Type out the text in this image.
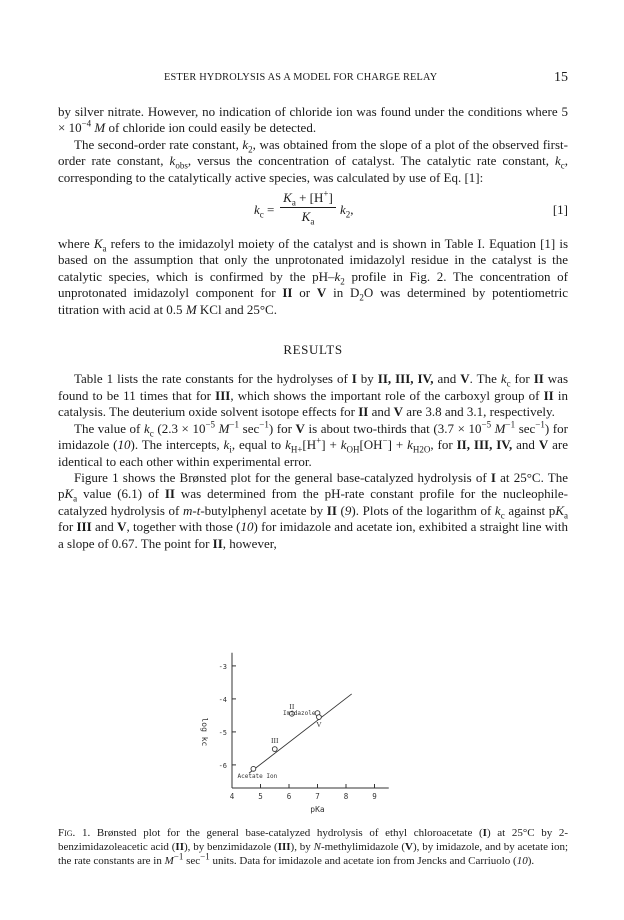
ESTER HYDROLYSIS AS A MODEL FOR CHARGE RELAY	15

by silver nitrate. However, no indication of chloride ion was found under the conditions where $5 \times 10^{-4}$ M of chloride ion could easily be detected.

The second-order rate constant, $k_2$, was obtained from the slope of a plot of the observed first-order rate constant, $k_{obs}$, versus the concentration of catalyst. The catalytic rate constant, $k_c$, corresponding to the catalytically active species, was calculated by use of Eq. [1]:

$k_c = \frac{K_a + [H^+]}{K_a} k_2$,	[1]

where $K_a$ refers to the imidazolyl moiety of the catalyst and is shown in Table I. Equation [1] is based on the assumption that only the unprotonated imidazolyl residue in the catalyst is the catalytic species, which is confirmed by the $pH-k_2$ profile in Fig. 2. The concentration of unprotonated imidazolyl component for II or V in $D_2O$ was determined by potentiometric titration with acid at 0.5 M KCl and 25°C.

RESULTS

Table 1 lists the rate constants for the hydrolyses of I by II, III, IV, and V. The $k_c$ for II was found to be 11 times that for III, which shows the important role of the carboxyl group of II in catalysis. The deuterium oxide solvent isotope effects for II and V are 3.8 and 3.1, respectively.

The value of $k_c$ ($2.3 \times 10^{-5}$ $M^{-1}$ $\sec^{-1}$) for V is about two-thirds that ($3.7 \times 10^{-5}$ $M^{-1}$ $\sec^{-1}$) for imidazole (10). The intercepts, $k_i$, equal to $k_{H+}[H^+] + k_{OH}[OH^-] + k_{H2O}$, for II, III, IV, and V are identical to each other within experimental error.

Figure 1 shows the Brønsted plot for the general base-catalyzed hydrolysis of I at 25°C. The $pK_a$ value (6.1) of II was determined from the pH-rate constant profile for the nucleophile-catalyzed hydrolysis of m-t-butylphenyl acetate by II (9). Plots of the logarithm of $k_c$ against $pK_a$ for III and V, together with those (10) for imidazole and acetate ion, exhibited a straight line with a slope of 0.67. The point for II, however,

4	5	6	7	8	9
-3
-4
-5
-6
pKa
log kc
II
Imidazole
V
III
Acetate Ion
Fig. 1. Brønsted plot for the general base-catalyzed hydrolysis of ethyl chloroacetate (I) at 25°C by 2-benzimidazoleacetic acid (II), by benzimidazole (III), by N-methylimidazole (V), by imidazole, and by acetate ion; the rate constants are in $M^{-1}$ $\sec^{-1}$ units. Data for imidazole and acetate ion from Jencks and Carriuolo (10).
